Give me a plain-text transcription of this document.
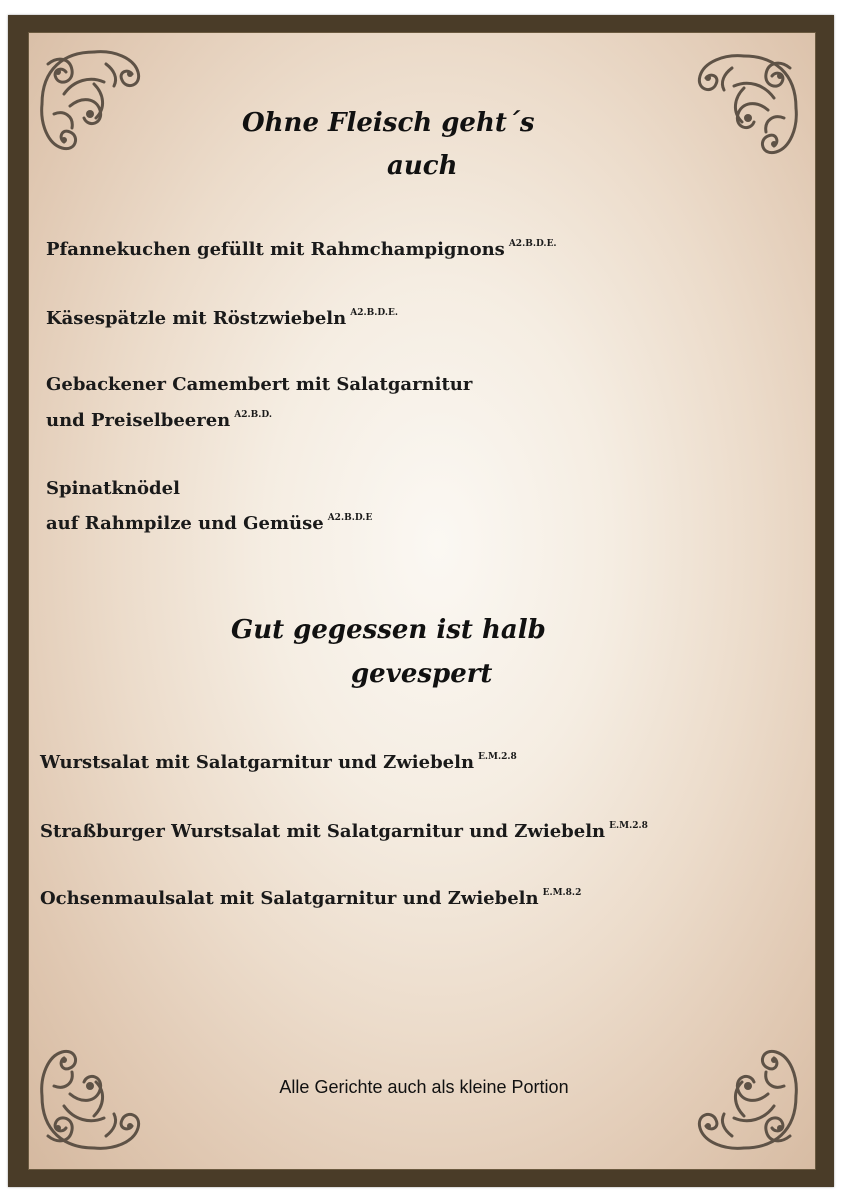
Ohne Fleisch geht´s
auch

Pfannekuchen gefüllt mit Rahmchampignons $^{A2.B.D.E.}$

Käsespätzle mit Röstzwiebeln $^{A2.B.D.E.}$

Gebackener Camembert mit Salatgarnitur

und Preiselbeeren $^{A2.B.D.}$

Spinatknödel

auf Rahmpilze und Gemüse $^{A2.B.D.E}$

Gut gegessen ist halb
gevespert

Wurstsalat mit Salatgarnitur und Zwiebeln $^{E.M.2.8}$

Straßburger Wurstsalat mit Salatgarnitur und Zwiebeln $^{E.M.2.8}$

Ochsenmaulsalat mit Salatgarnitur und Zwiebeln $^{E.M.8.2}$

Alle Gerichte auch als kleine Portion
